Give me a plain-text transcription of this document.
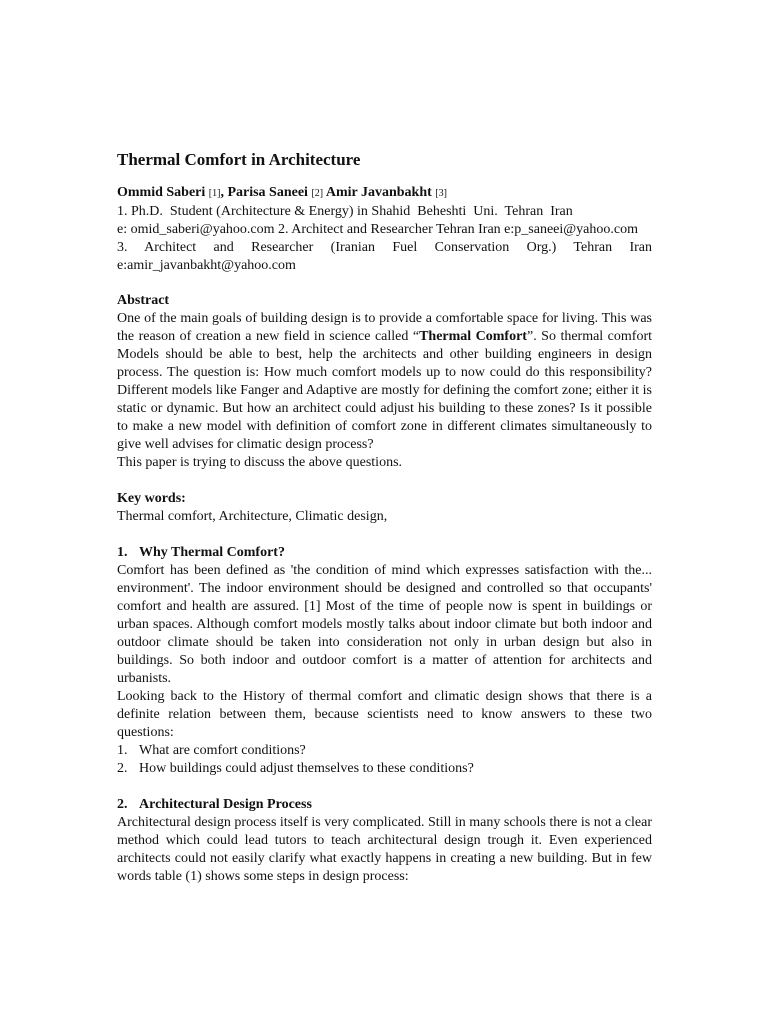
Thermal Comfort in Architecture

Ommid Saberi [1], Parisa Saneei [2] Amir Javanbakht [3]

1. Ph.D.  Student (Architecture & Energy) in Shahid  Beheshti  Uni.  Tehran  Iran

e: omid_saberi@yahoo.com 2. Architect and Researcher Tehran Iran e:p_saneei@yahoo.com

3. Architect and Researcher (Iranian Fuel Conservation Org.) Tehran Iran

e:amir_javanbakht@yahoo.com

Abstract

One of the main goals of building design is to provide a comfortable space for living. This was the reason of creation a new field in science called “Thermal Comfort”. So thermal comfort Models should be able to best, help the architects and other building engineers in design process. The question is: How much comfort models up to now could do this responsibility? Different models like Fanger and Adaptive are mostly for defining the comfort zone; either it is static or dynamic. But how an architect could adjust his building to these zones? Is it possible to make a new model with definition of comfort zone in different climates simultaneously to give well advises for climatic design process?

This paper is trying to discuss the above questions.

Key words:

Thermal comfort, Architecture, Climatic design,

1. Why Thermal Comfort?

Comfort has been defined as 'the condition of mind which expresses satisfaction with the... environment'. The indoor environment should be designed and controlled so that occupants' comfort and health are assured. [1] Most of the time of people now is spent in buildings or urban spaces. Although comfort models mostly talks about indoor climate but both indoor and outdoor climate should be taken into consideration not only in urban design but also in buildings. So both indoor and outdoor comfort is a matter of attention for architects and urbanists.

Looking back to the History of thermal comfort and climatic design shows that there is a definite relation between them, because scientists need to know answers to these two questions:

1. What are comfort conditions?
2. How buildings could adjust themselves to these conditions?

2. Architectural Design Process

Architectural design process itself is very complicated. Still in many schools there is not a clear method which could lead tutors to teach architectural design trough it. Even experienced architects could not easily clarify what exactly happens in creating a new building. But in few words table (1) shows some steps in design process:
